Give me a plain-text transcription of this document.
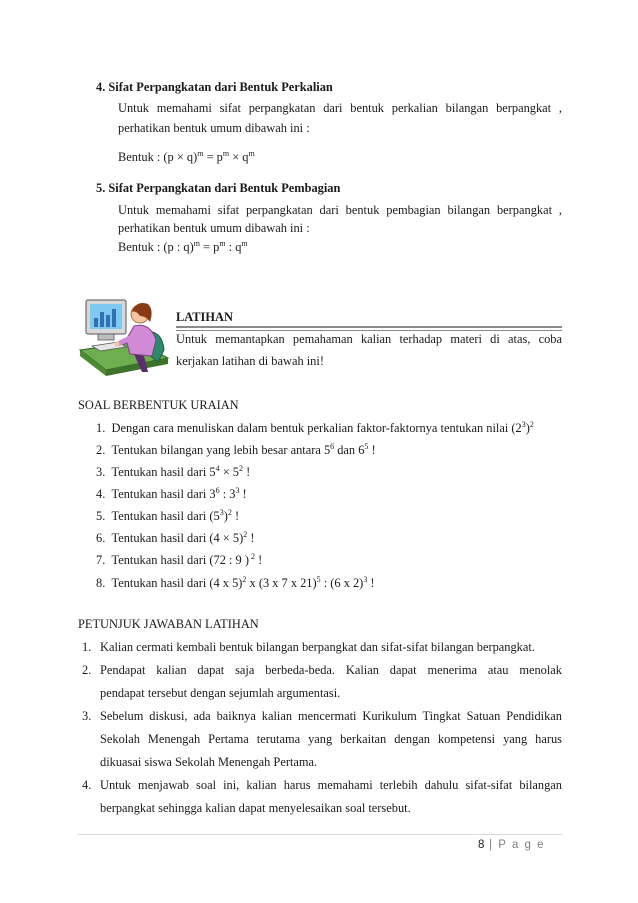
4. Sifat Perpangkatan dari Bentuk Perkalian
Untuk memahami sifat perpangkatan dari bentuk perkalian bilangan berpangkat ,
perhatikan bentuk umum dibawah ini :
Bentuk : $(p \times q)^m = p^m \times q^m$
5. Sifat Perpangkatan dari Bentuk Pembagian
Untuk memahami sifat perpangkatan dari bentuk pembagian bilangan berpangkat ,
perhatikan bentuk umum dibawah ini :
Bentuk : (p : $q)^m = p^m$ : $q^m$
LATIHAN
Untuk memantapkan pemahaman kalian terhadap materi di atas, coba
kerjakan latihan di bawah ini!
SOAL BERBENTUK URAIAN
1. Dengan cara menuliskan dalam bentuk perkalian faktor-faktornya tentukan nilai $(2^3)^2$
2. Tentukan bilangan yang lebih besar antara $5^6$ dan $6^5$ !
3. Tentukan hasil dari $5^4 \times 5^2$ !
4. Tentukan hasil dari $3^6$ : $3^3$ !
5. Tentukan hasil dari $(5^3)^2$ !
6. Tentukan hasil dari $(4 \times 5)^2$ !
7. Tentukan hasil dari (72 : 9 ) $^2$ !
8. Tentukan hasil dari (4 x 5)$^2$ x (3 x 7 x 21)$^5$ : (6 x 2)$^3$ !
PETUNJUK JAWABAN LATIHAN
1. Kalian cermati kembali bentuk bilangan berpangkat dan sifat-sifat bilangan berpangkat.
2. Pendapat kalian dapat saja berbeda-beda. Kalian dapat menerima atau menolak
pendapat tersebut dengan sejumlah argumentasi.
3. Sebelum diskusi, ada baiknya kalian mencermati Kurikulum Tingkat Satuan Pendidikan
Sekolah Menengah Pertama terutama yang berkaitan dengan kompetensi yang harus
dikuasai siswa Sekolah Menengah Pertama.
4. Untuk menjawab soal ini, kalian harus memahami terlebih dahulu sifat-sifat bilangan
berpangkat sehingga kalian dapat menyelesaikan soal tersebut.
8 | P a g e
